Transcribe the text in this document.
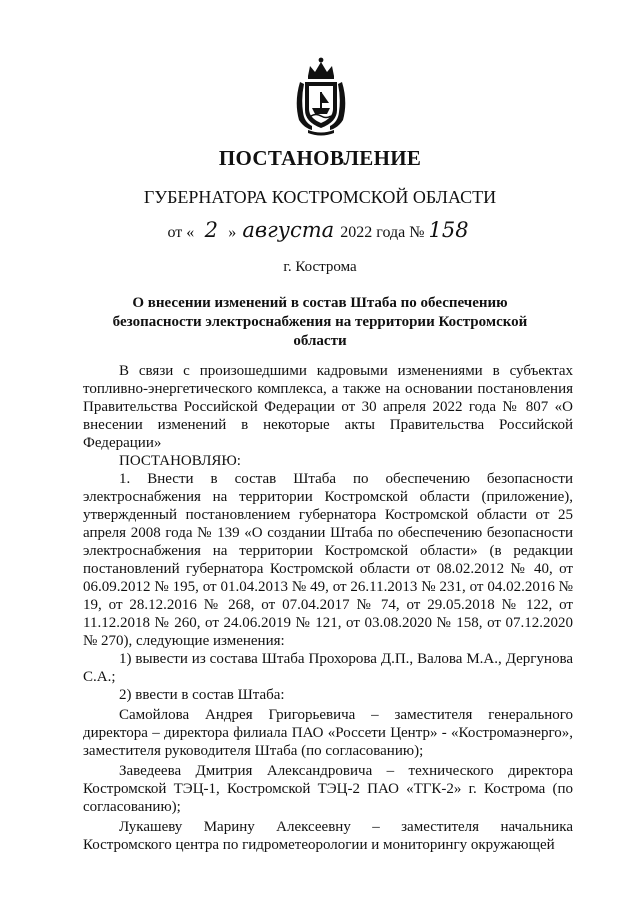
ПОСТАНОВЛЕНИЕ
ГУБЕРНАТОРА КОСТРОМСКОЙ ОБЛАСТИ
от « 2 » августа 2022 года № 158
г. Кострома
О внесении изменений в состав Штаба по обеспечению безопасности электроснабжения на территории Костромской области

В связи с произошедшими кадровыми изменениями в субъектах топливно-энергетического комплекса, а также на основании постановления Правительства Российской Федерации от 30 апреля 2022 года № 807 «О внесении изменений в некоторые акты Правительства Российской Федерации»

ПОСТАНОВЛЯЮ:

1. Внести в состав Штаба по обеспечению безопасности электроснабжения на территории Костромской области (приложение), утвержденный постановлением губернатора Костромской области от 25 апреля 2008 года № 139 «О создании Штаба по обеспечению безопасности электроснабжения на территории Костромской области» (в редакции постановлений губернатора Костромской области от 08.02.2012 № 40, от 06.09.2012 № 195, от 01.04.2013 № 49, от 26.11.2013 № 231, от 04.02.2016 № 19, от 28.12.2016 № 268, от 07.04.2017 № 74, от 29.05.2018 № 122, от 11.12.2018 № 260, от 24.06.2019 № 121, от 03.08.2020 № 158, от 07.12.2020 № 270), следующие изменения:

1) вывести из состава Штаба Прохорова Д.П., Валова М.А., Дергунова С.А.;

2) ввести в состав Штаба:

Самойлова Андрея Григорьевича – заместителя генерального директора – директора филиала ПАО «Россети Центр» - «Костромаэнерго», заместителя руководителя Штаба (по согласованию);

Заведеева Дмитрия Александровича – технического директора Костромской ТЭЦ-1, Костромской ТЭЦ-2 ПАО «ТГК-2» г. Кострома (по согласованию);

Лукашеву Марину Алексеевну – заместителя начальника Костромского центра по гидрометеорологии и мониторингу окружающей
